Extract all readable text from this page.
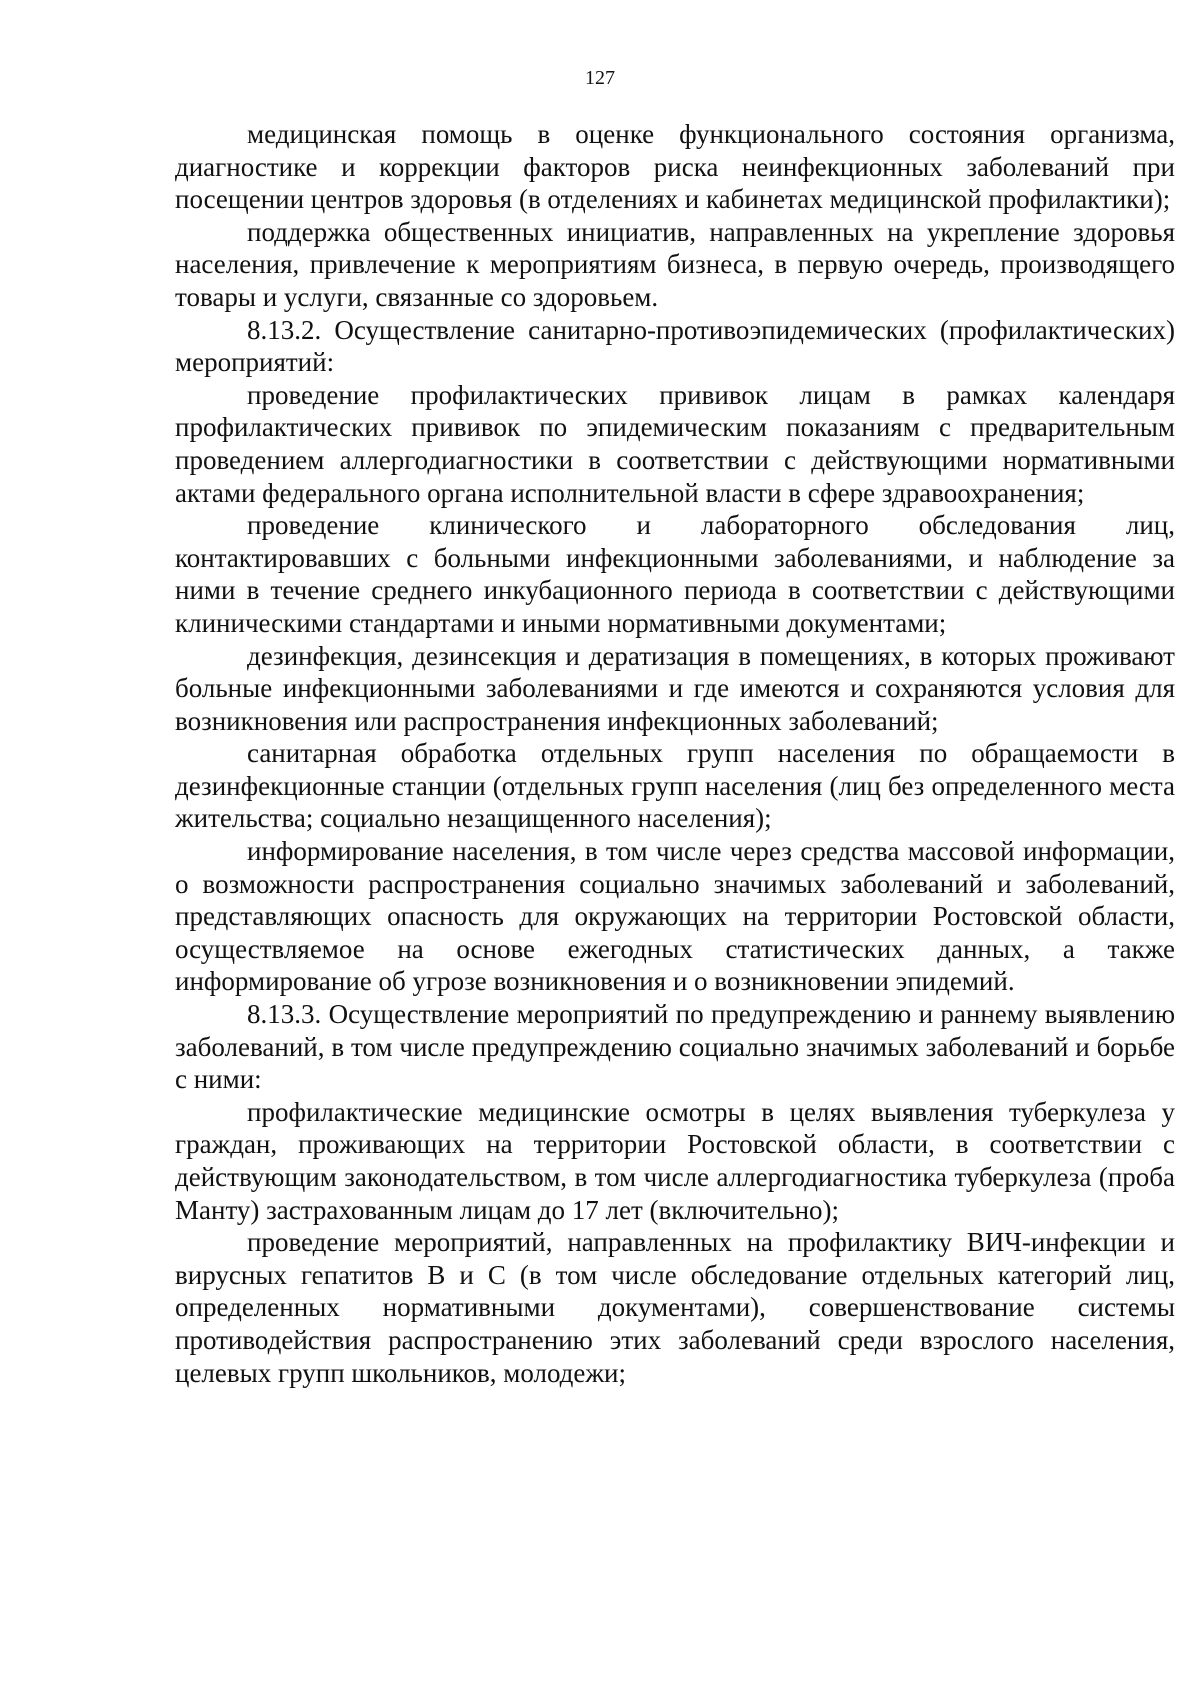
127

медицинская помощь в оценке функционального состояния организма, диагностике и коррекции факторов риска неинфекционных заболеваний при посещении центров здоровья (в отделениях и кабинетах медицинской профилактики);

поддержка общественных инициатив, направленных на укрепление здоровья населения, привлечение к мероприятиям бизнеса, в первую очередь, производящего товары и услуги, связанные со здоровьем.

8.13.2. Осуществление санитарно-противоэпидемических (профилактических) мероприятий:

проведение профилактических прививок лицам в рамках календаря профилактических прививок по эпидемическим показаниям с предварительным проведением аллергодиагностики в соответствии с действующими нормативными актами федерального органа исполнительной власти в сфере здравоохранения;

проведение клинического и лабораторного обследования лиц, контактировавших с больными инфекционными заболеваниями, и наблюдение за ними в течение среднего инкубационного периода в соответствии с действующими клиническими стандартами и иными нормативными документами;

дезинфекция, дезинсекция и дератизация в помещениях, в которых проживают больные инфекционными заболеваниями и где имеются и сохраняются условия для возникновения или распространения инфекционных заболеваний;

санитарная обработка отдельных групп населения по обращаемости в дезинфекционные станции (отдельных групп населения (лиц без определенного места жительства; социально незащищенного населения);

информирование населения, в том числе через средства массовой информации, о возможности распространения социально значимых заболеваний и заболеваний, представляющих опасность для окружающих на территории Ростовской области, осуществляемое на основе ежегодных статистических данных, а также информирование об угрозе возникновения и о возникновении эпидемий.

8.13.3. Осуществление мероприятий по предупреждению и раннему выявлению заболеваний, в том числе предупреждению социально значимых заболеваний и борьбе с ними:

профилактические медицинские осмотры в целях выявления туберкулеза у граждан, проживающих на территории Ростовской области, в соответствии с действующим законодательством, в том числе аллергодиагностика туберкулеза (проба Манту) застрахованным лицам до 17 лет (включительно);

проведение мероприятий, направленных на профилактику ВИЧ-инфекции и вирусных гепатитов B и C (в том числе обследование отдельных категорий лиц, определенных нормативными документами), совершенствование системы противодействия распространению этих заболеваний среди взрослого населения, целевых групп школьников, молодежи;
